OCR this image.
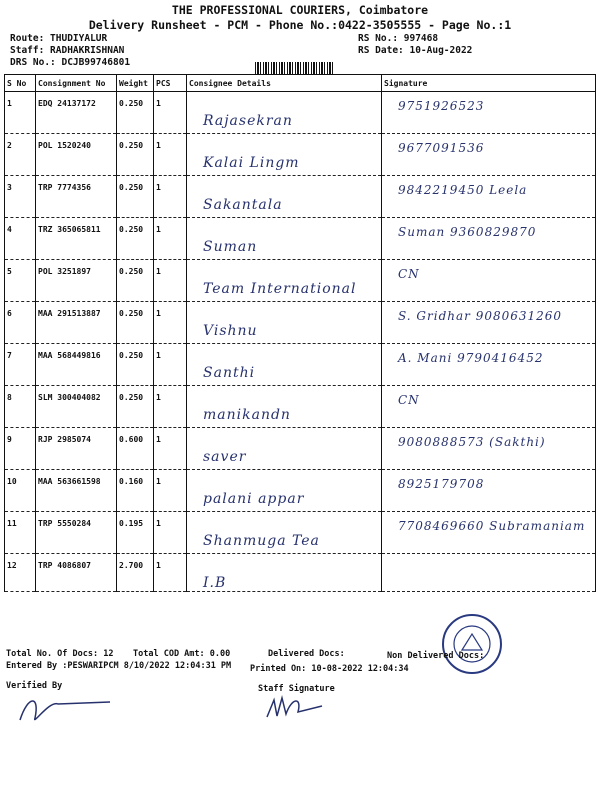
THE PROFESSIONAL COURIERS, Coimbatore
Delivery Runsheet - PCM - Phone No.:0422-3505555 - Page No.:1
Route: THUDIYALUR
Staff: RADHAKRISHNAN
DRS No.: DCJB99746801
RS No.: 997468
RS Date: 10-Aug-2022
S No	Consignment No	Weight	PCS	Consignee Details	Signature
1	EDQ 24137172	0.250	1	Rajasekran	9751926523

2	POL 1520240	0.250	1	Kalai Lingm	9677091536

3	TRP 7774356	0.250	1	Sakantala	9842219450 Leela

4	TRZ 365065811	0.250	1	Suman	Suman 9360829870

5	POL 3251897	0.250	1	Team International	CN

6	MAA 291513887	0.250	1	Vishnu	S. Gridhar 9080631260

7	MAA 568449816	0.250	1	Santhi	A. Mani 9790416452

8	SLM 300404082	0.250	1	manikandn	CN

9	RJP 2985074	0.600	1	saver	9080888573 (Sakthi)

10	MAA 563661598	0.160	1	palani appar	8925179708

11	TRP 5550284	0.195	1	Shanmuga Tea	7708469660 Subramaniam

12	TRP 4086807	2.700	1	I.B	

Total No. Of Docs: 12 Total COD Amt: 0.00	Delivered Docs:	Non Delivered Docs:
Entered By :PESWARIPCM 8/10/2022 12:04:31 PM Printed On: 10-08-2022 12:04:34
Verified By	Staff Signature
